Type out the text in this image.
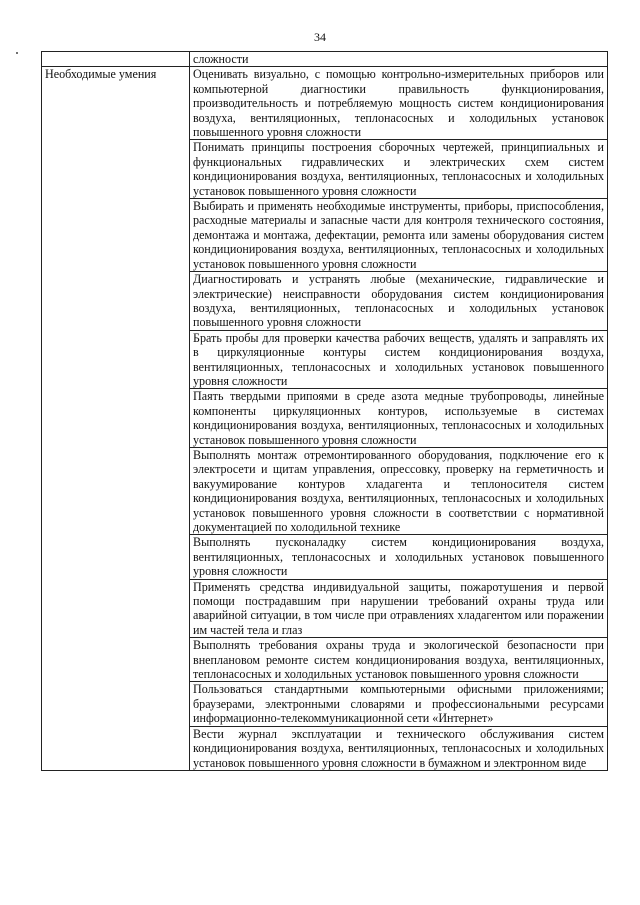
34
	сложности
Необходимые умения	Оценивать визуально, с помощью контрольно-измерительных приборов или компьютерной диагностики правильность функционирования, производительность и потребляемую мощность систем кондиционирования воздуха, вентиляционных, теплонасосных и холодильных установок повышенного уровня сложности
	Понимать принципы построения сборочных чертежей, принципиальных и функциональных гидравлических и электрических схем систем кондиционирования воздуха, вентиляционных, теплонасосных и холодильных установок повышенного уровня сложности
	Выбирать и применять необходимые инструменты, приборы, приспособления, расходные материалы и запасные части для контроля технического состояния, демонтажа и монтажа, дефектации, ремонта или замены оборудования систем кондиционирования воздуха, вентиляционных, теплонасосных и холодильных установок повышенного уровня сложности
	Диагностировать и устранять любые (механические, гидравлические и электрические) неисправности оборудования систем кондиционирования воздуха, вентиляционных, теплонасосных и холодильных установок повышенного уровня сложности
	Брать пробы для проверки качества рабочих веществ, удалять и заправлять их в циркуляционные контуры систем кондиционирования воздуха, вентиляционных, теплонасосных и холодильных установок повышенного уровня сложности
	Паять твердыми припоями в среде азота медные трубопроводы, линейные компоненты циркуляционных контуров, используемые в системах кондиционирования воздуха, вентиляционных, теплонасосных и холодильных установок повышенного уровня сложности
	Выполнять монтаж отремонтированного оборудования, подключение его к электросети и щитам управления, опрессовку, проверку на герметичность и вакуумирование контуров хладагента и теплоносителя систем кондиционирования воздуха, вентиляционных, теплонасосных и холодильных установок повышенного уровня сложности в соответствии с нормативной документацией по холодильной технике
	Выполнять пусконаладку систем кондиционирования воздуха, вентиляционных, теплонасосных и холодильных установок повышенного уровня сложности
	Применять средства индивидуальной защиты, пожаротушения и первой помощи пострадавшим при нарушении требований охраны труда или аварийной ситуации, в том числе при отравлениях хладагентом или поражении им частей тела и глаз
	Выполнять требования охраны труда и экологической безопасности при внеплановом ремонте систем кондиционирования воздуха, вентиляционных, теплонасосных и холодильных установок повышенного уровня сложности
	Пользоваться стандартными компьютерными офисными приложениями; браузерами, электронными словарями и профессиональными ресурсами информационно-телекоммуникационной сети «Интернет»
	Вести журнал эксплуатации и технического обслуживания систем кондиционирования воздуха, вентиляционных, теплонасосных и холодильных установок повышенного уровня сложности в бумажном и электронном виде
